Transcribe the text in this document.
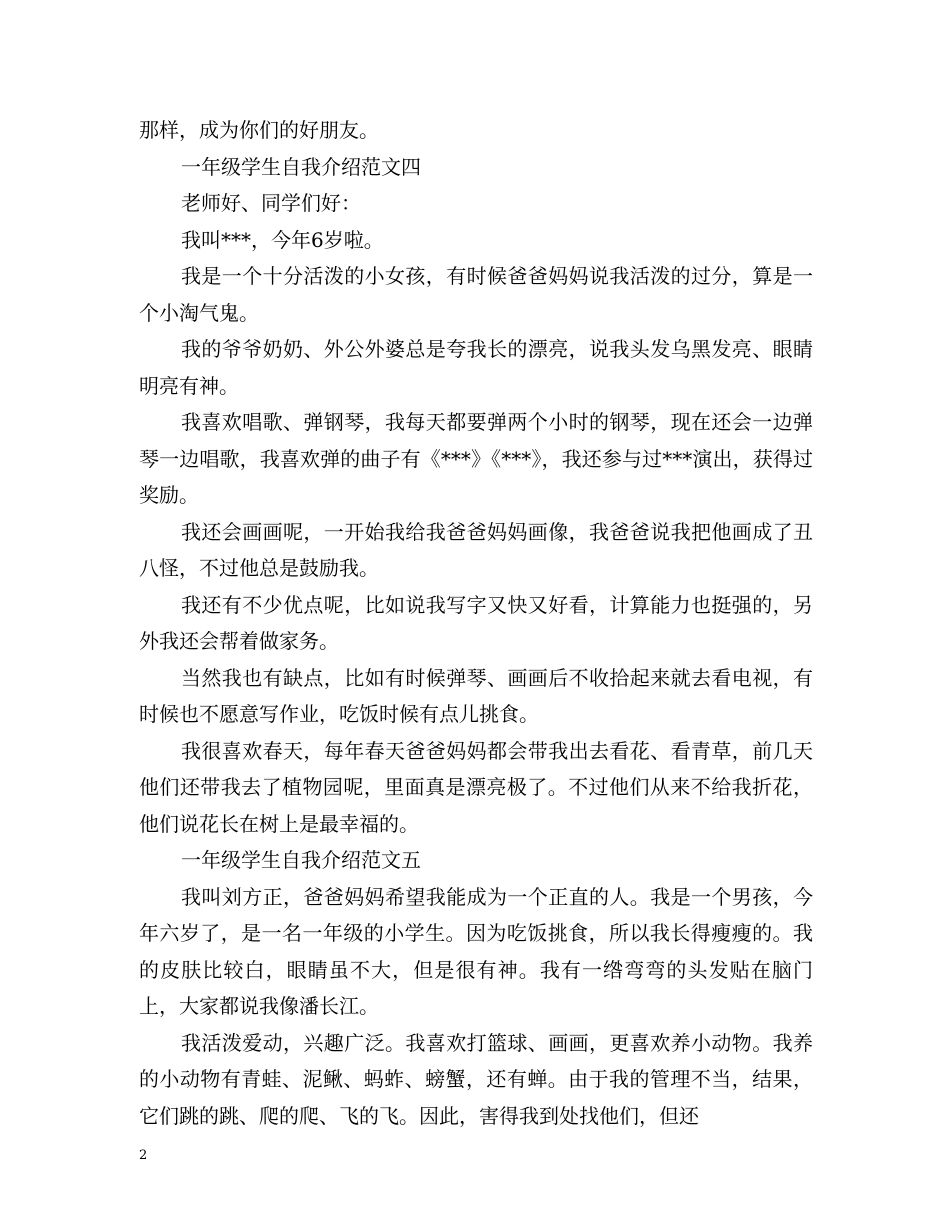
那样，成为你们的好朋友。

一年级学生自我介绍范文四

老师好、同学们好：

我叫***，今年6岁啦。

我是一个十分活泼的小女孩，有时候爸爸妈妈说我活泼的过分，算是一个小淘气鬼。

我的爷爷奶奶、外公外婆总是夸我长的漂亮，说我头发乌黑发亮、眼睛明亮有神。

我喜欢唱歌、弹钢琴，我每天都要弹两个小时的钢琴，现在还会一边弹琴一边唱歌，我喜欢弹的曲子有《***》《***》，我还参与过***演出，获得过奖励。

我还会画画呢，一开始我给我爸爸妈妈画像，我爸爸说我把他画成了丑八怪，不过他总是鼓励我。

我还有不少优点呢，比如说我写字又快又好看，计算能力也挺强的，另外我还会帮着做家务。

当然我也有缺点，比如有时候弹琴、画画后不收拾起来就去看电视，有时候也不愿意写作业，吃饭时候有点儿挑食。

我很喜欢春天，每年春天爸爸妈妈都会带我出去看花、看青草，前几天他们还带我去了植物园呢，里面真是漂亮极了。不过他们从来不给我折花，他们说花长在树上是最幸福的。

一年级学生自我介绍范文五

我叫刘方正，爸爸妈妈希望我能成为一个正直的人。我是一个男孩，今年六岁了，是一名一年级的小学生。因为吃饭挑食，所以我长得瘦瘦的。我的皮肤比较白，眼睛虽不大，但是很有神。我有一绺弯弯的头发贴在脑门上，大家都说我像潘长江。

我活泼爱动，兴趣广泛。我喜欢打篮球、画画，更喜欢养小动物。我养的小动物有青蛙、泥鳅、蚂蚱、螃蟹，还有蝉。由于我的管理不当，结果，它们跳的跳、爬的爬、飞的飞。因此，害得我到处找他们，但还

2
